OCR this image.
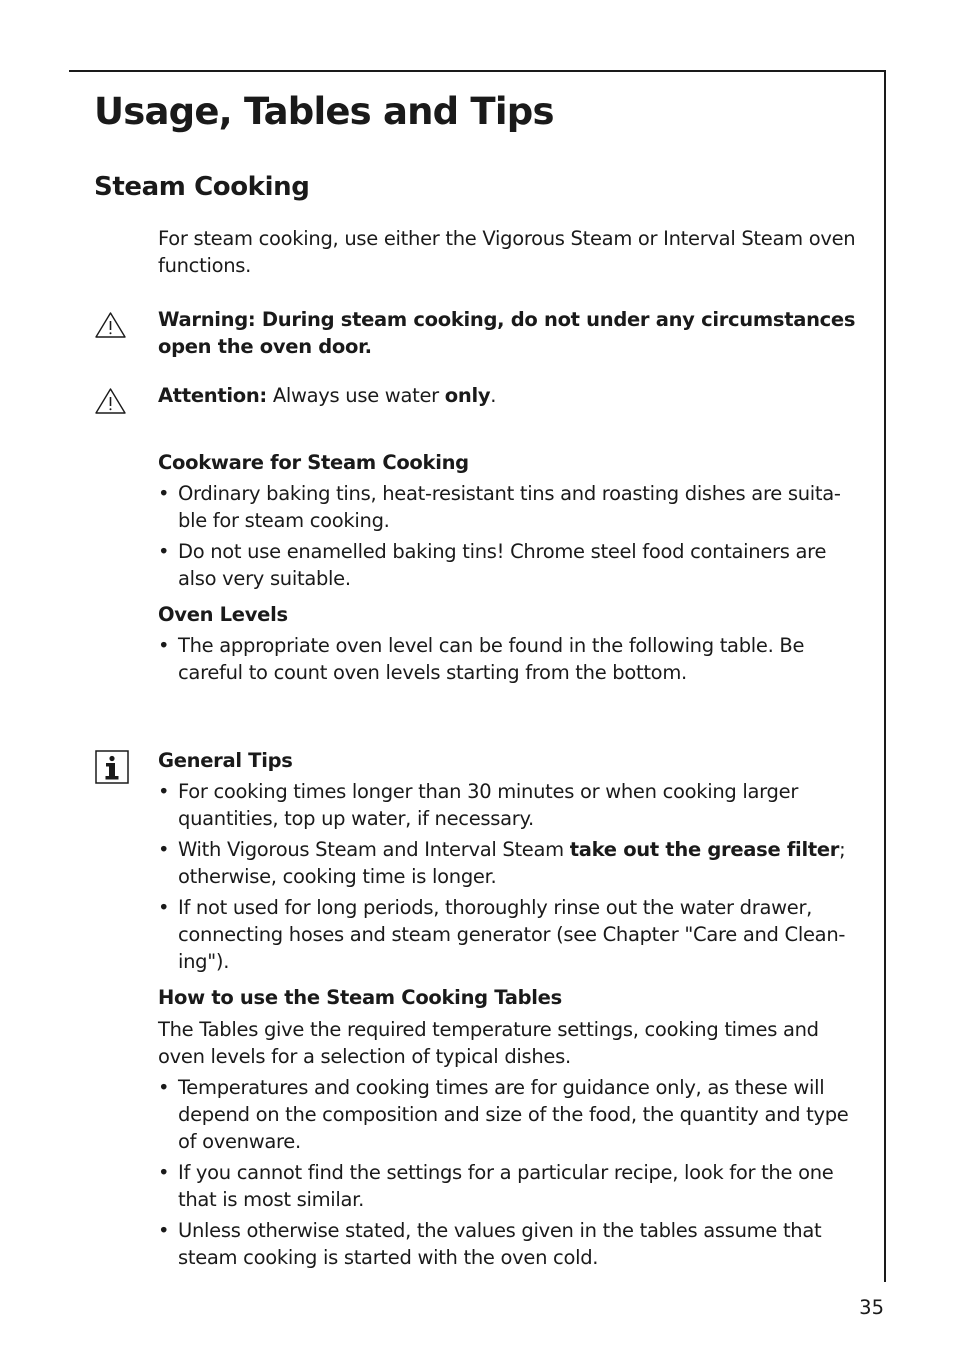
Usage, Tables and Tips
Steam Cooking

For steam cooking, use either the Vigorous Steam or Interval Steam oven functions.

Warning: During steam cooking, do not under any circumstances open the oven door.

Attention: Always use water only.

Cookware for Steam Cooking

• Ordinary baking tins, heat-resistant tins and roasting dishes are suita-ble for steam cooking.
• Do not use enamelled baking tins! Chrome steel food containers are also very suitable.

Oven Levels

• The appropriate oven level can be found in the following table. Be careful to count oven levels starting from the bottom.

General Tips

• For cooking times longer than 30 minutes or when cooking larger quantities, top up water, if necessary.
• With Vigorous Steam and Interval Steam take out the grease filter; otherwise, cooking time is longer.
• If not used for long periods, thoroughly rinse out the water drawer, connecting hoses and steam generator (see Chapter "Care and Clean-ing").

How to use the Steam Cooking Tables

The Tables give the required temperature settings, cooking times and oven levels for a selection of typical dishes.

• Temperatures and cooking times are for guidance only, as these will depend on the composition and size of the food, the quantity and type of ovenware.
• If you cannot find the settings for a particular recipe, look for the one that is most similar.
• Unless otherwise stated, the values given in the tables assume that steam cooking is started with the oven cold.
35
